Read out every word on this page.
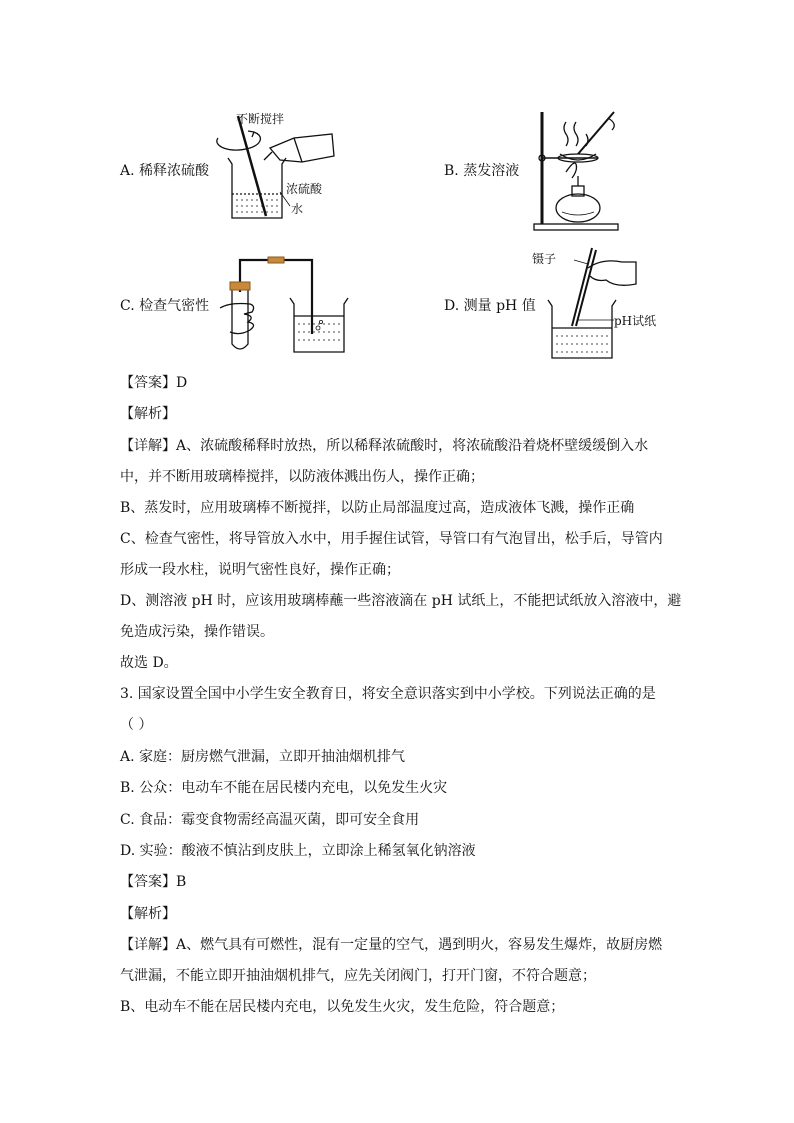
A. 稀释浓硫酸	B. 蒸发溶液
C. 检查气密性	D. 测量 pH 值
不断搅拌
浓硫酸
水
镊子
pH试纸
【答案】D
【解析】
【详解】A、浓硫酸稀释时放热，所以稀释浓硫酸时，将浓硫酸沿着烧杯壁缓缓倒入水
中，并不断用玻璃棒搅拌，以防液体溅出伤人，操作正确；
B、蒸发时，应用玻璃棒不断搅拌，以防止局部温度过高，造成液体飞溅，操作正确
C、检查气密性，将导管放入水中，用手握住试管，导管口有气泡冒出，松手后，导管内
形成一段水柱，说明气密性良好，操作正确；
D、测溶液 pH 时，应该用玻璃棒蘸一些溶液滴在 pH 试纸上，不能把试纸放入溶液中，避
免造成污染，操作错误。
故选 D。
3. 国家设置全国中小学生安全教育日，将安全意识落实到中小学校。下列说法正确的是
（ ）
A. 家庭：厨房燃气泄漏，立即开抽油烟机排气
B. 公众：电动车不能在居民楼内充电，以免发生火灾
C. 食品：霉变食物需经高温灭菌，即可安全食用
D. 实验：酸液不慎沾到皮肤上，立即涂上稀氢氧化钠溶液
【答案】B
【解析】
【详解】A、燃气具有可燃性，混有一定量的空气，遇到明火，容易发生爆炸，故厨房燃
气泄漏，不能立即开抽油烟机排气，应先关闭阀门，打开门窗，不符合题意；
B、电动车不能在居民楼内充电，以免发生火灾，发生危险，符合题意；
